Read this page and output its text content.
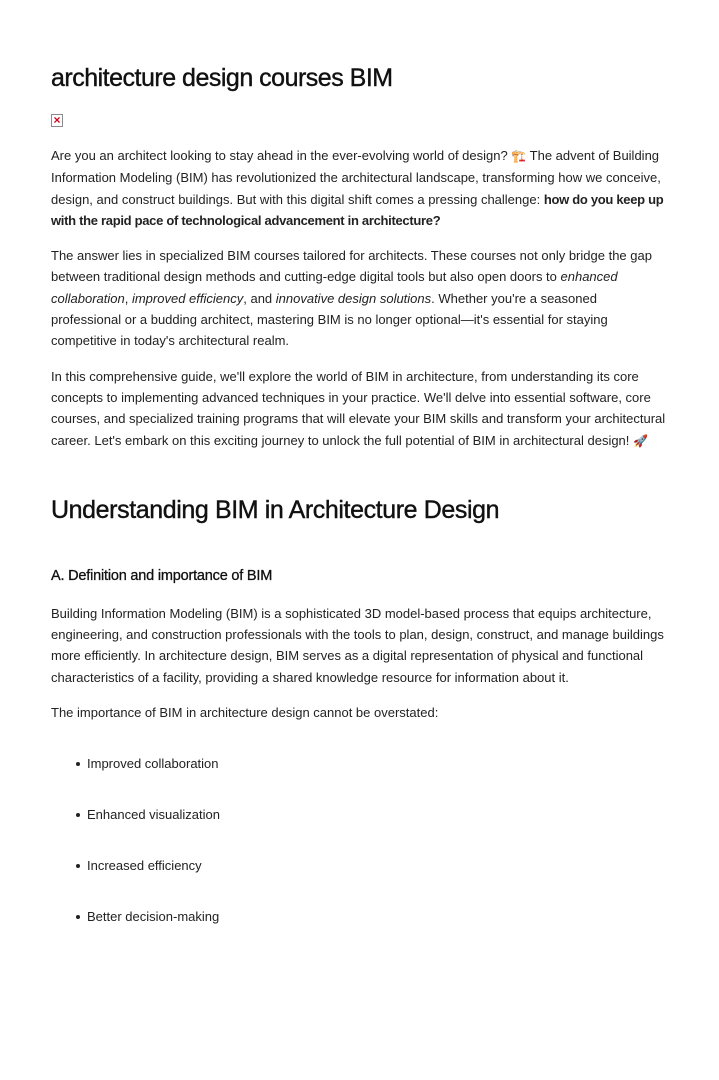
architecture design courses BIM
×

Are you an architect looking to stay ahead in the ever-evolving world of design? 🏗️ The advent of Building Information Modeling (BIM) has revolutionized the architectural landscape, transforming how we conceive, design, and construct buildings. But with this digital shift comes a pressing challenge: how do you keep up with the rapid pace of technological advancement in architecture?

The answer lies in specialized BIM courses tailored for architects. These courses not only bridge the gap between traditional design methods and cutting-edge digital tools but also open doors to enhanced collaboration, improved efficiency, and innovative design solutions. Whether you're a seasoned professional or a budding architect, mastering BIM is no longer optional—it's essential for staying competitive in today's architectural realm.

In this comprehensive guide, we'll explore the world of BIM in architecture, from understanding its core concepts to implementing advanced techniques in your practice. We'll delve into essential software, core courses, and specialized training programs that will elevate your BIM skills and transform your architectural career. Let's embark on this exciting journey to unlock the full potential of BIM in architectural design! 🚀

Understanding BIM in Architecture Design
A. Definition and importance of BIM

Building Information Modeling (BIM) is a sophisticated 3D model-based process that equips architecture, engineering, and construction professionals with the tools to plan, design, construct, and manage buildings more efficiently. In architecture design, BIM serves as a digital representation of physical and functional characteristics of a facility, providing a shared knowledge resource for information about it.

The importance of BIM in architecture design cannot be overstated:

Improved collaboration
Enhanced visualization
Increased efficiency
Better decision-making
